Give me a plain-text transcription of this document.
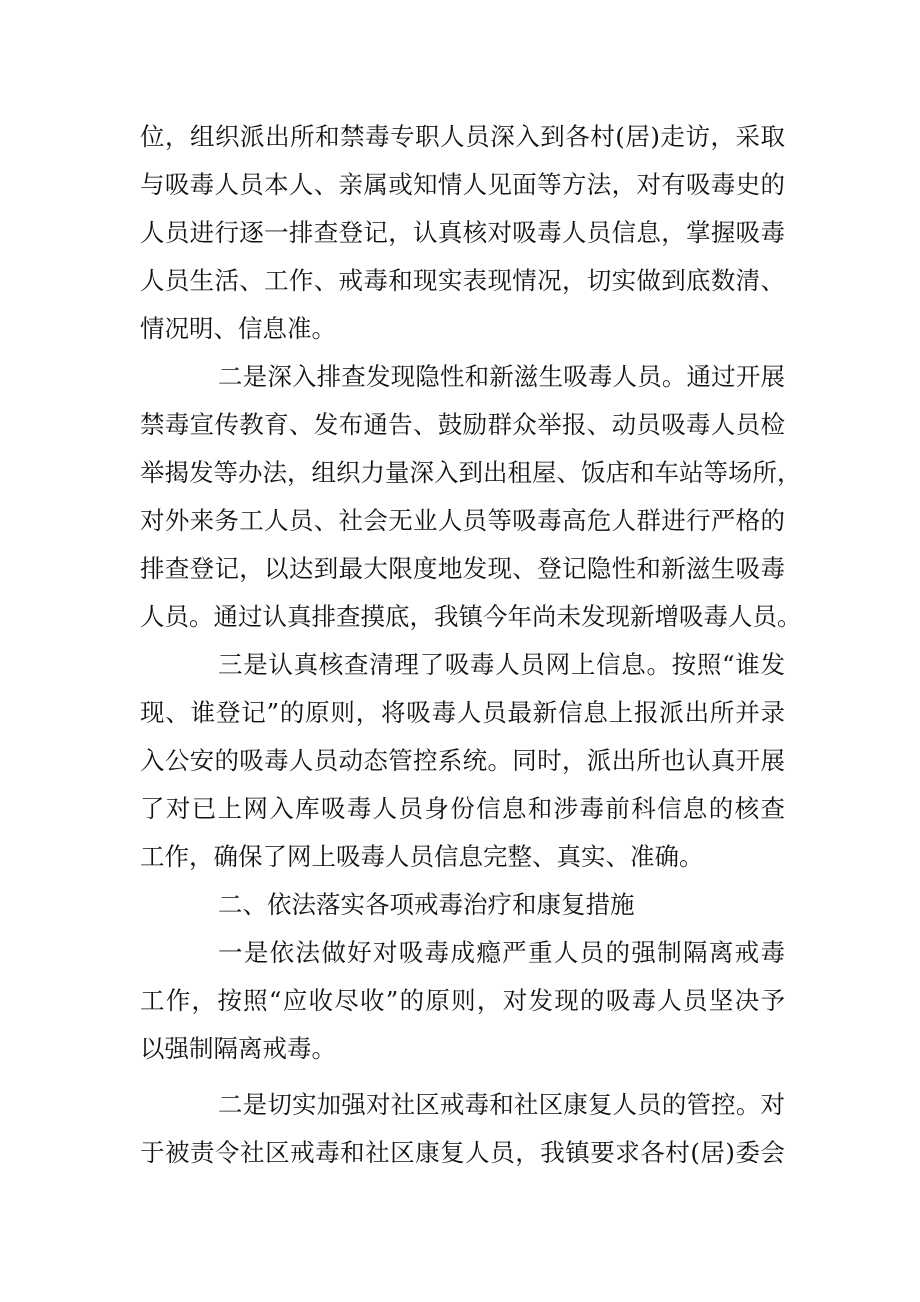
位，组织派出所和禁毒专职人员深入到各村(居)走访，采取
与吸毒人员本人、亲属或知情人见面等方法，对有吸毒史的
人员进行逐一排查登记，认真核对吸毒人员信息，掌握吸毒
人员生活、工作、戒毒和现实表现情况，切实做到底数清、
情况明、信息准。
二是深入排查发现隐性和新滋生吸毒人员。通过开展
禁毒宣传教育、发布通告、鼓励群众举报、动员吸毒人员检
举揭发等办法，组织力量深入到出租屋、饭店和车站等场所，
对外来务工人员、社会无业人员等吸毒高危人群进行严格的
排查登记，以达到最大限度地发现、登记隐性和新滋生吸毒
人员。通过认真排查摸底，我镇今年尚未发现新增吸毒人员。
三是认真核查清理了吸毒人员网上信息。按照“谁发
现、谁登记”的原则，将吸毒人员最新信息上报派出所并录
入公安的吸毒人员动态管控系统。同时，派出所也认真开展
了对已上网入库吸毒人员身份信息和涉毒前科信息的核查
工作，确保了网上吸毒人员信息完整、真实、准确。
二、依法落实各项戒毒治疗和康复措施
一是依法做好对吸毒成瘾严重人员的强制隔离戒毒
工作，按照“应收尽收”的原则，对发现的吸毒人员坚决予
以强制隔离戒毒。
二是切实加强对社区戒毒和社区康复人员的管控。对
于被责令社区戒毒和社区康复人员，我镇要求各村(居)委会
